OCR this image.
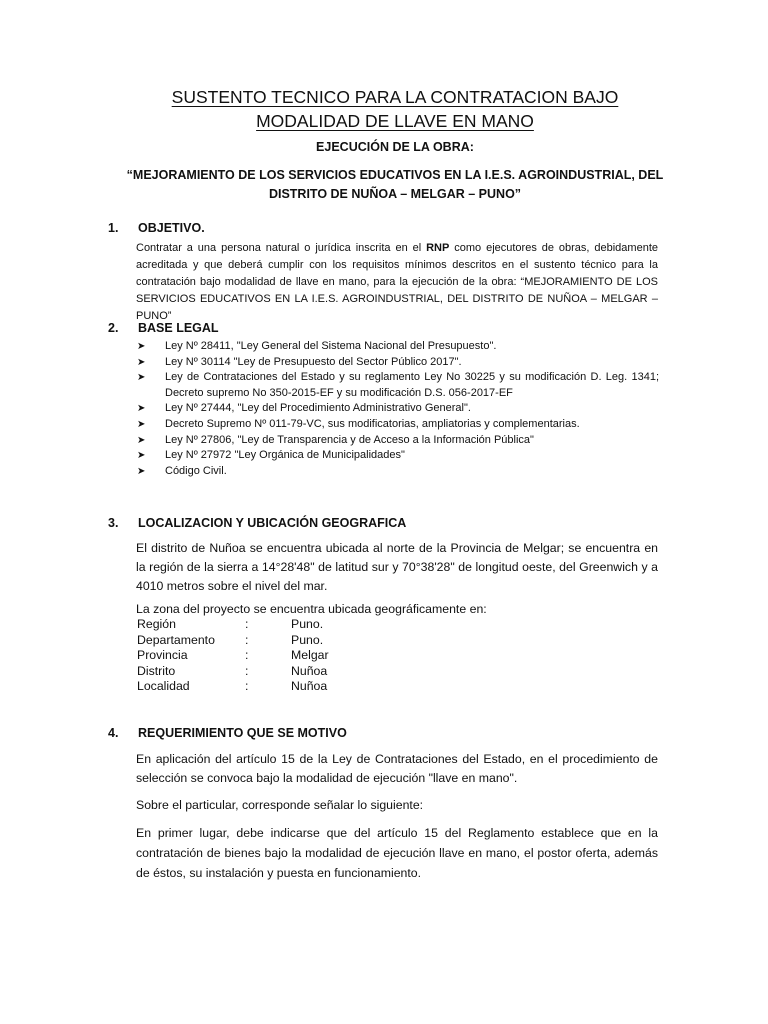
SUSTENTO TECNICO PARA LA CONTRATACION BAJO MODALIDAD DE LLAVE EN MANO
EJECUCIÓN DE LA OBRA:
“MEJORAMIENTO DE LOS SERVICIOS EDUCATIVOS EN LA I.E.S. AGROINDUSTRIAL, DEL DISTRITO DE NUÑOA – MELGAR – PUNO”
1. OBJETIVO.
Contratar a una persona natural o jurídica inscrita en el RNP como ejecutores de obras, debidamente acreditada y que deberá cumplir con los requisitos mínimos descritos en el sustento técnico para la contratación bajo modalidad de llave en mano, para la ejecución de la obra: “MEJORAMIENTO DE LOS SERVICIOS EDUCATIVOS EN LA I.E.S. AGROINDUSTRIAL, DEL DISTRITO DE NUÑOA – MELGAR – PUNO”
2. BASE LEGAL
➤ Ley Nº 28411, "Ley General del Sistema Nacional del Presupuesto".
➤ Ley Nº 30114 "Ley de Presupuesto del Sector Público 2017".
➤ Ley de Contrataciones del Estado y su reglamento Ley No 30225 y su modificación D. Leg. 1341; Decreto supremo No 350-2015-EF y su modificación D.S. 056-2017-EF
➤ Ley Nº 27444, "Ley del Procedimiento Administrativo General".
➤ Decreto Supremo Nº 011-79-VC, sus modificatorias, ampliatorias y complementarias.
➤ Ley Nº 27806, "Ley de Transparencia y de Acceso a la Información Pública"
➤ Ley Nº 27972 "Ley Orgánica de Municipalidades"
➤ Código Civil.
3. LOCALIZACION Y UBICACIÓN GEOGRAFICA
El distrito de Nuñoa se encuentra ubicada al norte de la Provincia de Melgar; se encuentra en la región de la sierra a 14°28'48" de latitud sur y 70°38'28" de longitud oeste, del Greenwich y a 4010 metros sobre el nivel del mar.
La zona del proyecto se encuentra ubicada geográficamente en:
Región	:	Puno.
Departamento	:	Puno.
Provincia	:	Melgar
Distrito	:	Nuñoa
Localidad	:	Nuñoa
4. REQUERIMIENTO QUE SE MOTIVO
En aplicación del artículo 15 de la Ley de Contrataciones del Estado, en el procedimiento de selección se convoca bajo la modalidad de ejecución "llave en mano".
Sobre el particular, corresponde señalar lo siguiente:
En primer lugar, debe indicarse que del artículo 15 del Reglamento establece que en la contratación de bienes bajo la modalidad de ejecución llave en mano, el postor oferta, además de éstos, su instalación y puesta en funcionamiento.
